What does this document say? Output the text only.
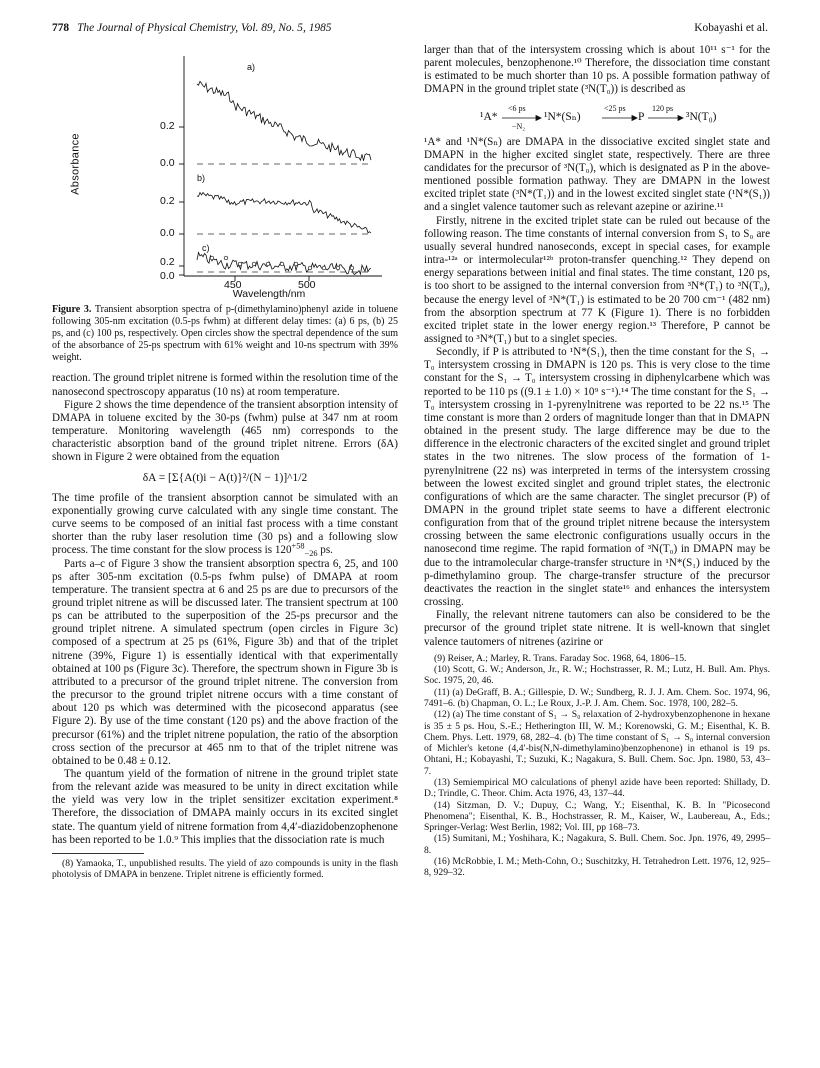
778 The Journal of Physical Chemistry, Vol. 89, No. 5, 1985	Kobayashi et al.
Absorbance
0.2
0.0
0.2
0.0
0.2
0.0
a)
b)
c)
450	500
Wavelength/nm
Figure 3. Transient absorption spectra of p-(dimethylamino)phenyl azide in toluene following 305-nm excitation (0.5-ps fwhm) at different delay times: (a) 6 ps, (b) 25 ps, and (c) 100 ps, respectively. Open circles show the spectral dependence of the sum of the absorbance of 25-ps spectrum with 61% weight and 10-ns spectrum with 39% weight.

reaction. The ground triplet nitrene is formed within the resolution time of the nanosecond spectroscopy apparatus (10 ns) at room temperature.

Figure 2 shows the time dependence of the transient absorption intensity of DMAPA in toluene excited by the 30-ps (fwhm) pulse at 347 nm at room temperature. Monitoring wavelength (465 nm) corresponds to the characteristic absorption band of the ground triplet nitrene. Errors (δA) shown in Figure 2 were obtained from the equation

δA = [Σ{A(t)i − A(t)}²/(N − 1)]^1/2

The time profile of the transient absorption cannot be simulated with an exponentially growing curve calculated with any single time constant. The curve seems to be composed of an initial fast process with a time constant shorter than the ruby laser resolution time (30 ps) and a following slow process. The time constant for the slow process is $120^{+58}_{-26}$ ps.

Parts a–c of Figure 3 show the transient absorption spectra 6, 25, and 100 ps after 305-nm excitation (0.5-ps fwhm pulse) of DMAPA at room temperature. The transient spectra at 6 and 25 ps are due to precursors of the ground triplet nitrene as will be discussed later. The transient spectrum at 100 ps can be attributed to the superposition of the 25-ps precursor and the ground triplet nitrene. A simulated spectrum (open circles in Figure 3c) composed of a spectrum at 25 ps (61%, Figure 3b) and that of the triplet nitrene (39%, Figure 1) is essentially identical with that experimentally obtained at 100 ps (Figure 3c). Therefore, the spectrum shown in Figure 3b is attributed to a precursor of the ground triplet nitrene. The conversion from the precursor to the ground triplet nitrene occurs with a time constant of about 120 ps which was determined with the picosecond apparatus (see Figure 2). By use of the time constant (120 ps) and the above fraction of the precursor (61%) and the triplet nitrene population, the ratio of the absorption cross section of the precursor at 465 nm to that of the triplet nitrene was obtained to be 0.48 ± 0.12.

The quantum yield of the formation of nitrene in the ground triplet state from the relevant azide was measured to be unity in direct excitation while the yield was very low in the triplet sensitizer excitation experiment.⁸ Therefore, the dissociation of DMAPA mainly occurs in its excited singlet state. The quantum yield of nitrene formation from 4,4′-diazidobenzophenone has been reported to be 1.0.⁹ This implies that the dissociation rate is much

(8) Yamaoka, T., unpublished results. The yield of azo compounds is unity in the flash photolysis of DMAPA in benzene. Triplet nitrene is efficiently formed.

larger than that of the intersystem crossing which is about 10¹¹ s⁻¹ for the parent molecules, benzophenone.¹⁰ Therefore, the dissociation time constant is estimated to be much shorter than 10 ps. A possible formation pathway of DMAPN in the ground triplet state (³N(T₀)) is described as

¹A*
<6 ps
−N₂
¹N*(Sₙ)
<25 ps
P
120 ps
³N(T₀)

¹A* and ¹N*(Sₙ) are DMAPA in the dissociative excited singlet state and DMAPN in the higher excited singlet state, respectively. There are three candidates for the precursor of ³N(T₀), which is designated as P in the above-mentioned possible formation pathway. They are DMAPN in the lowest excited triplet state (³N*(T₁)) and in the lowest excited singlet state (¹N*(S₁)) and a singlet valence tautomer such as relevant azepine or azirine.¹¹

Firstly, nitrene in the excited triplet state can be ruled out because of the following reason. The time constants of internal conversion from S₁ to S₀ are usually several hundred nanoseconds, except in special cases, for example intra-¹²ᵃ or intermolecular¹²ᵇ proton-transfer quenching.¹² They depend on energy separations between initial and final states. The time constant, 120 ps, is too short to be assigned to the internal conversion from ³N*(T₁) to ³N(T₀), because the energy level of ³N*(T₁) is estimated to be 20 700 cm⁻¹ (482 nm) from the absorption spectrum at 77 K (Figure 1). There is no forbidden excited triplet state in the lower energy region.¹³ Therefore, P cannot be assigned to ³N*(T₁) but to a singlet species.

Secondly, if P is attributed to ¹N*(S₁), then the time constant for the S₁ → T₀ intersystem crossing in DMAPN is 120 ps. This is very close to the time constant for the S₁ → T₀ intersystem crossing in diphenylcarbene which was reported to be 110 ps ((9.1 ± 1.0) × 10⁹ s⁻¹).¹⁴ The time constant for the S₁ → T₀ intersystem crossing in 1-pyrenylnitrene was reported to be 22 ns.¹⁵ The time constant is more than 2 orders of magnitude longer than that in DMAPN obtained in the present study. The large difference may be due to the difference in the electronic characters of the excited singlet and ground triplet states in the two nitrenes. The slow process of the formation of 1-pyrenylnitrene (22 ns) was interpreted in terms of the intersystem crossing between the lowest excited singlet and ground triplet states, the electronic configurations of which are the same character. The singlet precursor (P) of DMAPN in the ground triplet state seems to have a different electronic configuration from that of the ground triplet nitrene because the intersystem crossing between the same electronic configurations usually occurs in the nanosecond time regime. The rapid formation of ³N(T₀) in DMAPN may be due to the intramolecular charge-transfer structure in ¹N*(S₁) induced by the p-dimethylamino group. The charge-transfer structure of the precursor deactivates the reaction in the singlet state¹⁶ and enhances the intersystem crossing.

Finally, the relevant nitrene tautomers can also be considered to be the precursor of the ground triplet state nitrene. It is well-known that singlet valence tautomers of nitrenes (azirine or

(9) Reiser, A.; Marley, R. Trans. Faraday Soc. 1968, 64, 1806–15.

(10) Scott, G. W.; Anderson, Jr., R. W.; Hochstrasser, R. M.; Lutz, H. Bull. Am. Phys. Soc. 1975, 20, 46.

(11) (a) DeGraff, B. A.; Gillespie, D. W.; Sundberg, R. J. J. Am. Chem. Soc. 1974, 96, 7491–6. (b) Chapman, O. L.; Le Roux, J.-P. J. Am. Chem. Soc. 1978, 100, 282–5.

(12) (a) The time constant of S₁ → S₀ relaxation of 2-hydroxybenzophenone in hexane is 35 ± 5 ps. Hou, S.-E.; Hetherington III, W. M.; Korenowski, G. M.; Eisenthal, K. B. Chem. Phys. Lett. 1979, 68, 282–4. (b) The time constant of S₁ → S₀ internal conversion of Michler's ketone (4,4′-bis(N,N-dimethylamino)benzophenone) in ethanol is 19 ps. Ohtani, H.; Kobayashi, T.; Suzuki, K.; Nagakura, S. Bull. Chem. Soc. Jpn. 1980, 53, 43–7.

(13) Semiempirical MO calculations of phenyl azide have been reported: Shillady, D. D.; Trindle, C. Theor. Chim. Acta 1976, 43, 137–44.

(14) Sitzman, D. V.; Dupuy, C.; Wang, Y.; Eisenthal, K. B. In "Picosecond Phenomena"; Eisenthal, K. B., Hochstrasser, R. M., Kaiser, W., Laubereau, A., Eds.; Springer-Verlag: West Berlin, 1982; Vol. III, pp 168–73.

(15) Sumitani, M.; Yoshihara, K.; Nagakura, S. Bull. Chem. Soc. Jpn. 1976, 49, 2995–8.

(16) McRobbie, I. M.; Meth-Cohn, O.; Suschitzky, H. Tetrahedron Lett. 1976, 12, 925–8, 929–32.
